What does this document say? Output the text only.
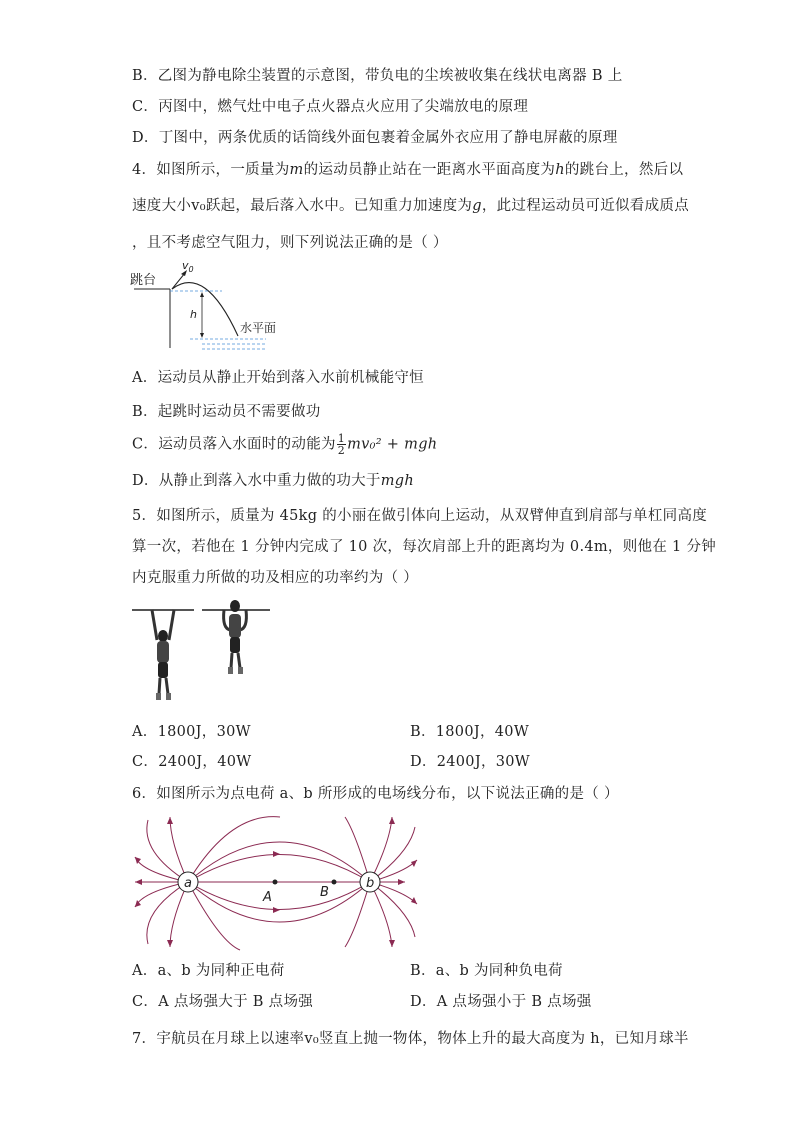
B．乙图为静电除尘装置的示意图，带负电的尘埃被收集在线状电离器 B 上
C．丙图中，燃气灶中电子点火器点火应用了尖端放电的原理
D．丁图中，两条优质的话筒线外面包裹着金属外衣应用了静电屏蔽的原理
4．如图所示，一质量为m的运动员静止站在一距离水平面高度为h的跳台上，然后以
速度大小v₀跃起，最后落入水中。已知重力加速度为g，此过程运动员可近似看成质点
，且不考虑空气阻力，则下列说法正确的是（ ）
跳台
$v_0$
h
水平面
A．运动员从静止开始到落入水前机械能守恒
B．起跳时运动员不需要做功
C．运动员落入水面时的动能为 $\frac{1}{2} mv_0^2$ + mgh
D．从静止到落入水中重力做的功大于mgh
5．如图所示，质量为 45kg 的小丽在做引体向上运动，从双臂伸直到肩部与单杠同高度
算一次，若他在 1 分钟内完成了 10 次，每次肩部上升的距离均为 0.4m，则他在 1 分钟
内克服重力所做的功及相应的功率约为（ ）
A．1800J，30W	B．1800J，40W
C．2400J，40W	D．2400J，30W
6．如图所示为点电荷 a、b 所形成的电场线分布，以下说法正确的是（ ）
a	b
A	B
A．a、b 为同种正电荷	B．a、b 为同种负电荷
C．A 点场强大于 B 点场强	D．A 点场强小于 B 点场强
7．宇航员在月球上以速率v₀竖直上抛一物体，物体上升的最大高度为 h，已知月球半
